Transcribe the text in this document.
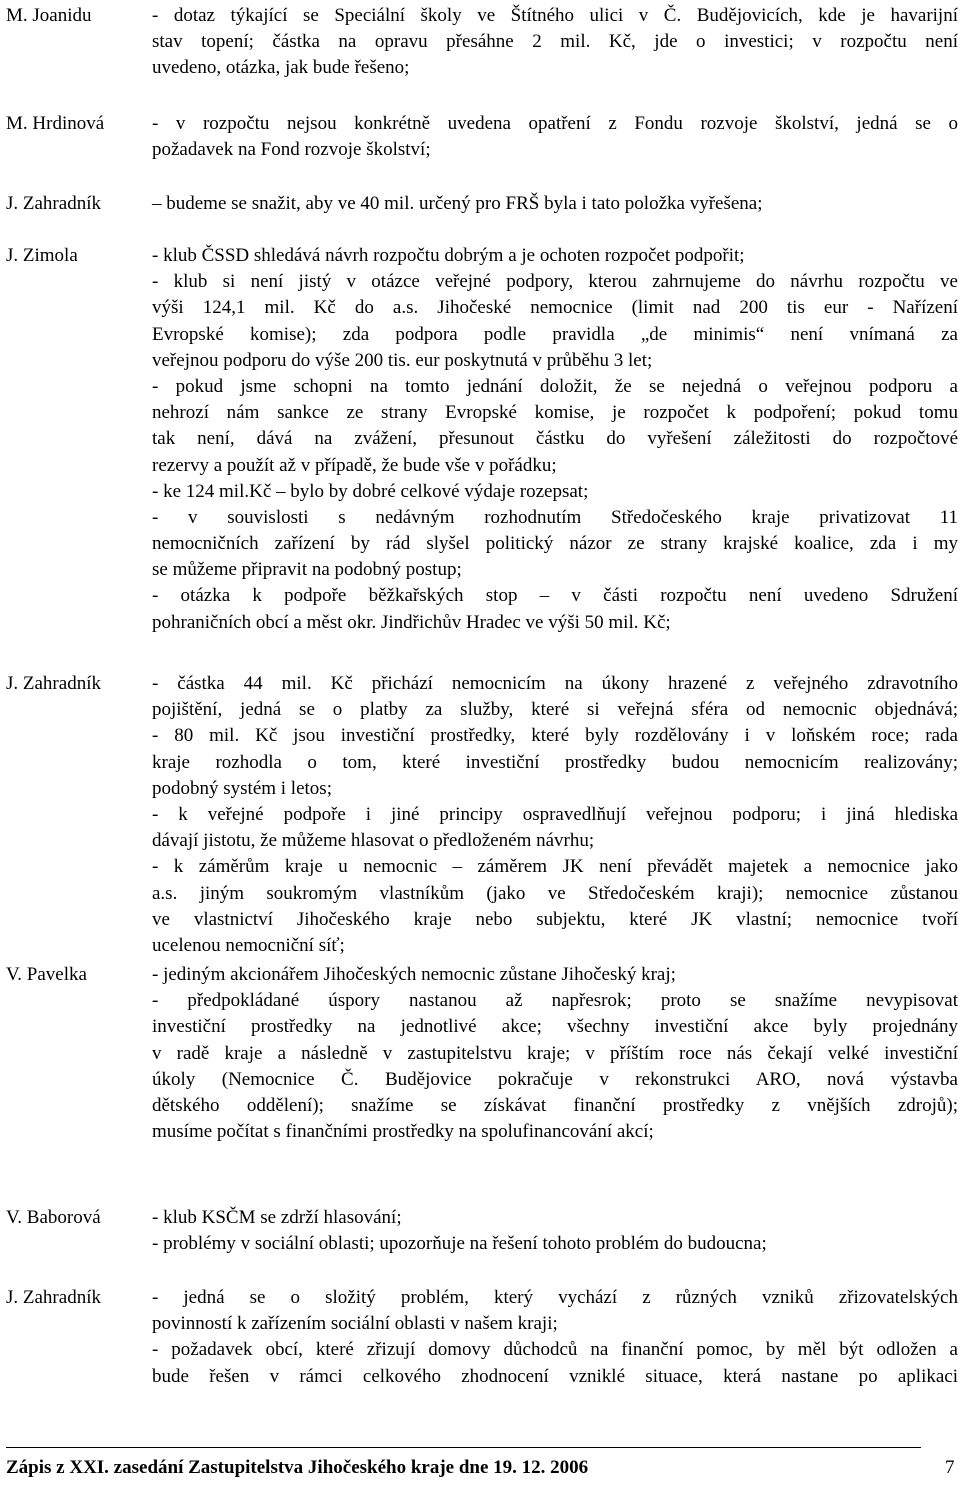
M. Joanidu	- dotaz týkající se Speciální školy ve Štítného ulici v Č. Budějovicích, kde je havarijní
stav topení; částka na opravu přesáhne 2 mil. Kč, jde o investici; v rozpočtu není
uvedeno, otázka, jak bude řešeno;
M. Hrdinová	- v rozpočtu nejsou konkrétně uvedena opatření z Fondu rozvoje školství, jedná se o
požadavek na Fond rozvoje školství;
J. Zahradník	– budeme se snažit, aby ve 40 mil. určený pro FRŠ byla i tato položka vyřešena;
J. Zimola	- klub ČSSD shledává návrh rozpočtu dobrým a je ochoten rozpočet podpořit;
- klub si není jistý v otázce veřejné podpory, kterou zahrnujeme do návrhu rozpočtu ve
výši 124,1 mil. Kč do a.s. Jihočeské nemocnice (limit nad 200 tis eur - Nařízení
Evropské komise); zda podpora podle pravidla „de minimis“ není vnímaná za
veřejnou podporu do výše 200 tis. eur poskytnutá v průběhu 3 let;
- pokud jsme schopni na tomto jednání doložit, že se nejedná o veřejnou podporu a
nehrozí nám sankce ze strany Evropské komise, je rozpočet k podpoření; pokud tomu
tak není, dává na zvážení, přesunout částku do vyřešení záležitosti do rozpočtové
rezervy a použít až v případě, že bude vše v pořádku;
- ke 124 mil.Kč – bylo by dobré celkové výdaje rozepsat;
- v souvislosti s nedávným rozhodnutím Středočeského kraje privatizovat 11
nemocničních zařízení by rád slyšel politický názor ze strany krajské koalice, zda i my
se můžeme připravit na podobný postup;
- otázka k podpoře běžkařských stop – v části rozpočtu není uvedeno Sdružení
pohraničních obcí a měst okr. Jindřichův Hradec ve výši 50 mil. Kč;
J. Zahradník	- částka 44 mil. Kč přichází nemocnicím na úkony hrazené z veřejného zdravotního
pojištění, jedná se o platby za služby, které si veřejná sféra od nemocnic objednává;
- 80 mil. Kč jsou investiční prostředky, které byly rozdělovány i v loňském roce; rada
kraje rozhodla o tom, které investiční prostředky budou nemocnicím realizovány;
podobný systém i letos;
- k veřejné podpoře i jiné principy ospravedlňují veřejnou podporu; i jiná hlediska
dávají jistotu, že můžeme hlasovat o předloženém návrhu;
- k záměrům kraje u nemocnic – záměrem JK není převádět majetek a nemocnice jako
a.s. jiným soukromým vlastníkům (jako ve Středočeském kraji); nemocnice zůstanou
ve vlastnictví Jihočeského kraje nebo subjektu, které JK vlastní; nemocnice tvoří
ucelenou nemocniční síť;
V. Pavelka	- jediným akcionářem Jihočeských nemocnic zůstane Jihočeský kraj;
- předpokládané úspory nastanou až napřesrok; proto se snažíme nevypisovat
investiční prostředky na jednotlivé akce; všechny investiční akce byly projednány
v radě kraje a následně v zastupitelstvu kraje; v příštím roce nás čekají velké investiční
úkoly (Nemocnice Č. Budějovice pokračuje v rekonstrukci ARO, nová výstavba
dětského oddělení); snažíme se získávat finanční prostředky z vnějších zdrojů);
musíme počítat s finančními prostředky na spolufinancování akcí;
V. Baborová	- klub KSČM se zdrží hlasování;
- problémy v sociální oblasti; upozorňuje na řešení tohoto problém do budoucna;
J. Zahradník	- jedná se o složitý problém, který vychází z různých vzniků zřizovatelských
povinností k zařízením sociální oblasti v našem kraji;
- požadavek obcí, které zřizují domovy důchodců na finanční pomoc, by měl být odložen a
bude řešen v rámci celkového zhodnocení vzniklé situace, která nastane po aplikaci
Zápis z XXI. zasedání Zastupitelstva Jihočeského kraje dne 19. 12. 2006	7
